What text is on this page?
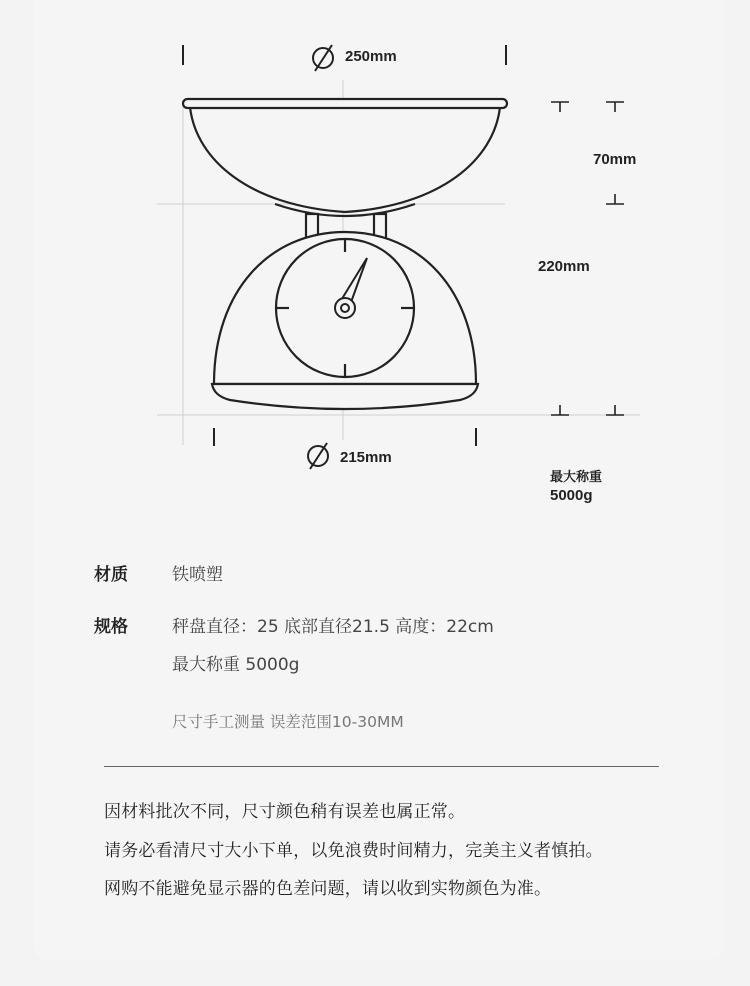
250mm
70mm
220mm
215mm
最大称重
5000g
材质	铁喷塑
规格	秤盘直径：25 底部直径21.5 高度：22cm
最大称重 5000g
尺寸手工测量 误差范围10-30MM
因材料批次不同，尺寸颜色稍有误差也属正常。
请务必看清尺寸大小下单，以免浪费时间精力，完美主义者慎拍。
网购不能避免显示器的色差问题，请以收到实物颜色为准。
